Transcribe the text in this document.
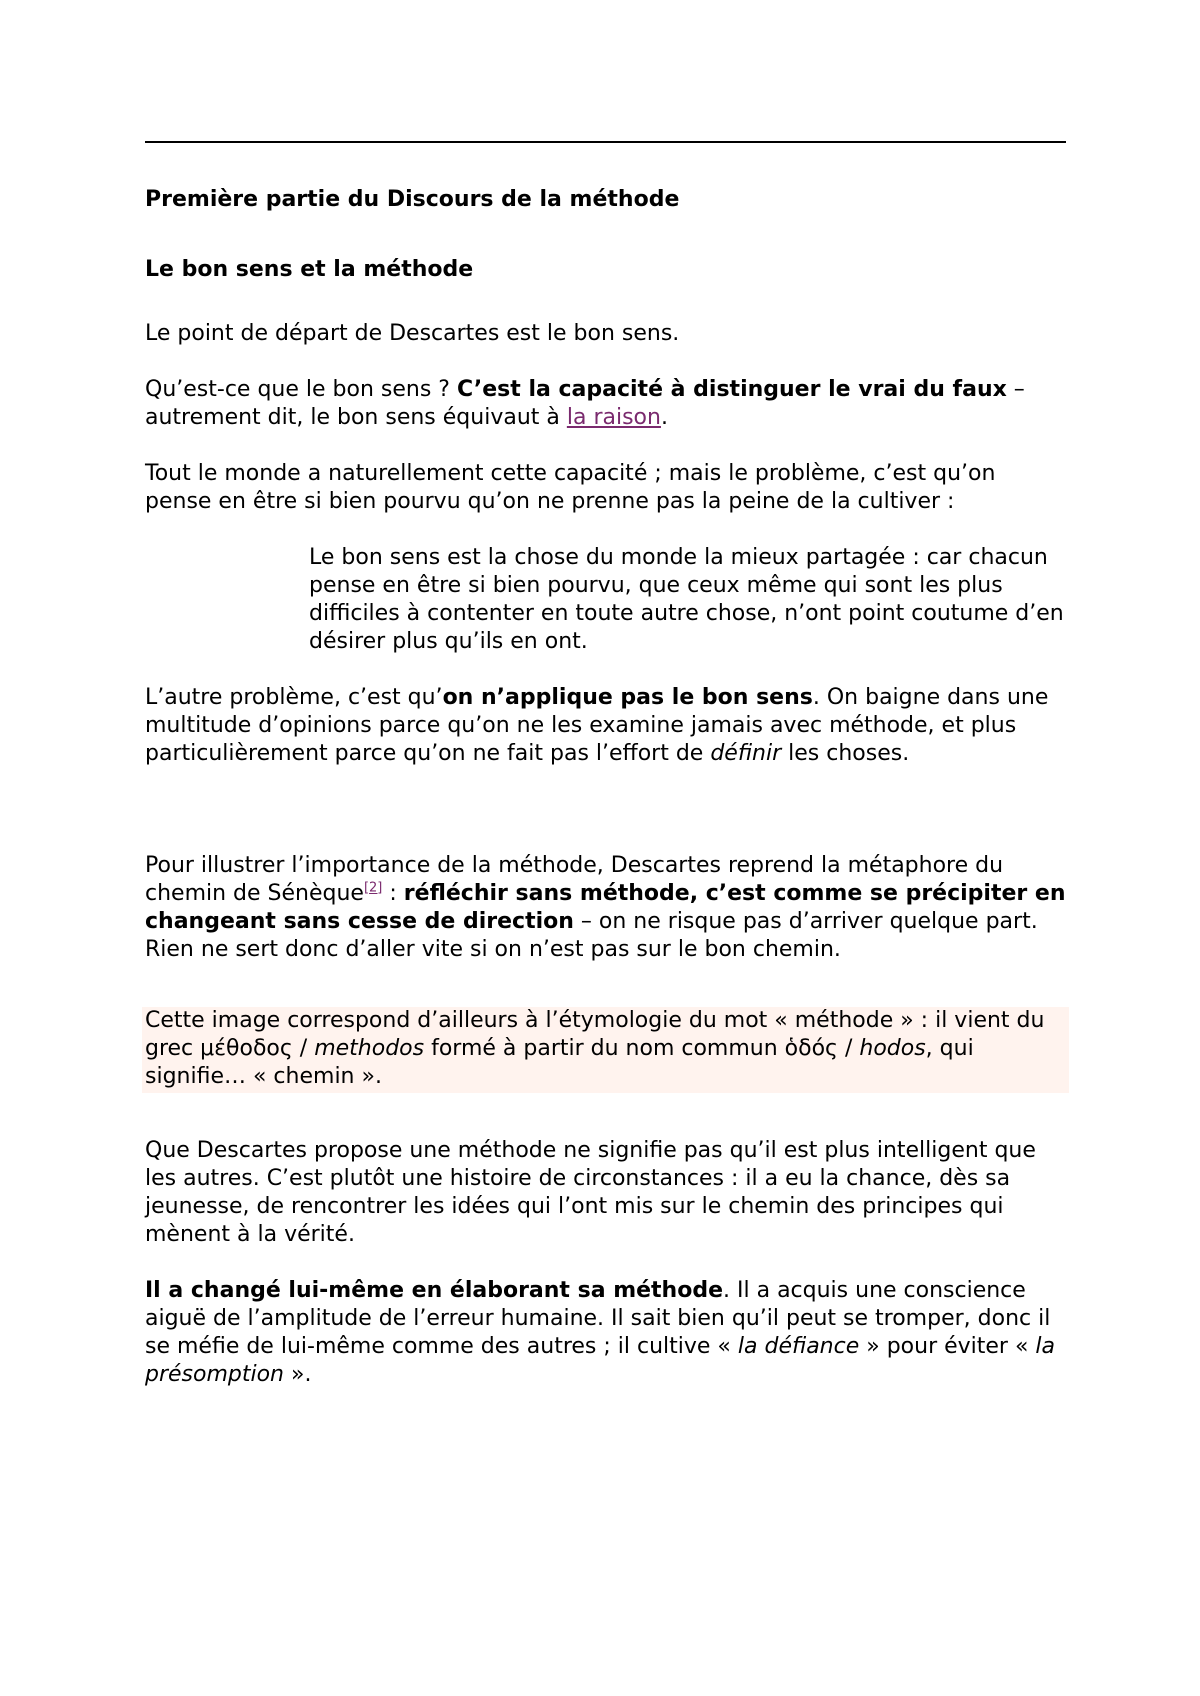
Première partie du Discours de la méthode

Le bon sens et la méthode

Le point de départ de Descartes est le bon sens.

Qu’est-ce que le bon sens ? C’est la capacité à distinguer le vrai du faux – autrement dit, le bon sens équivaut à la raison.

Tout le monde a naturellement cette capacité ; mais le problème, c’est qu’on pense en être si bien pourvu qu’on ne prenne pas la peine de la cultiver :

Le bon sens est la chose du monde la mieux partagée : car chacun pense en être si bien pourvu, que ceux même qui sont les plus difficiles à contenter en toute autre chose, n’ont point coutume d’en désirer plus qu’ils en ont.

L’autre problème, c’est qu’on n’applique pas le bon sens. On baigne dans une multitude d’opinions parce qu’on ne les examine jamais avec méthode, et plus particulièrement parce qu’on ne fait pas l’effort de définir les choses.

Pour illustrer l’importance de la méthode, Descartes reprend la métaphore du chemin de Sénèque[2] : réfléchir sans méthode, c’est comme se précipiter en changeant sans cesse de direction – on ne risque pas d’arriver quelque part. Rien ne sert donc d’aller vite si on n’est pas sur le bon chemin.

Cette image correspond d’ailleurs à l’étymologie du mot « méthode » : il vient du grec μέθοδος / methodos formé à partir du nom commun ὁδός / hodos, qui signifie… « chemin ».

Que Descartes propose une méthode ne signifie pas qu’il est plus intelligent que les autres. C’est plutôt une histoire de circonstances : il a eu la chance, dès sa jeunesse, de rencontrer les idées qui l’ont mis sur le chemin des principes qui mènent à la vérité.

Il a changé lui-même en élaborant sa méthode. Il a acquis une conscience aiguë de l’amplitude de l’erreur humaine. Il sait bien qu’il peut se tromper, donc il se méfie de lui-même comme des autres ; il cultive « la défiance » pour éviter « la présomption ».
